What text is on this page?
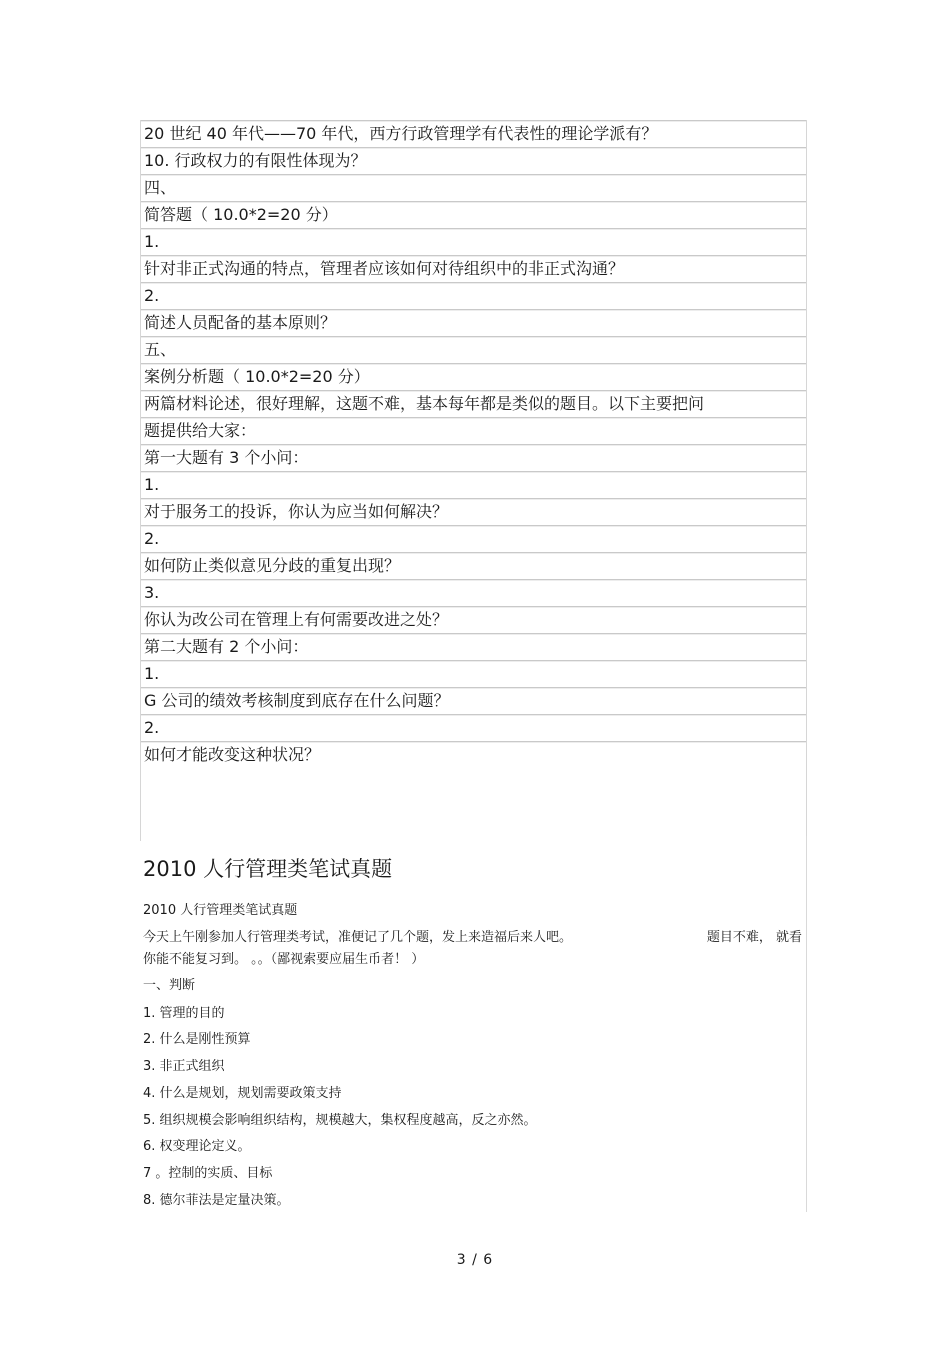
20 世纪 40 年代——70 年代，西方行政管理学有代表性的理论学派有？
10. 行政权力的有限性体现为？
四、
简答题（ 10.0*2=20 分）
1.
针对非正式沟通的特点，管理者应该如何对待组织中的非正式沟通？
2.
简述人员配备的基本原则？
五、
案例分析题（ 10.0*2=20 分）
两篇材料论述，很好理解，这题不难，基本每年都是类似的题目。以下主要把问
题提供给大家：
第一大题有 3 个小问：
1.
对于服务工的投诉，你认为应当如何解决？
2.
如何防止类似意见分歧的重复出现？
3.
你认为改公司在管理上有何需要改进之处？
第二大题有 2 个小问：
1.
G 公司的绩效考核制度到底存在什么问题？
2.
如何才能改变这种状况？
2010 人行管理类笔试真题
2010 人行管理类笔试真题
今天上午刚参加人行管理类考试，准便记了几个题，发上来造福后来人吧。	题目不难， 就看
你能不能复习到。 。。（鄙视索要应届生币者！ ）
一、判断
1. 管理的目的
2. 什么是刚性预算
3. 非正式组织
4. 什么是规划，规划需要政策支持
5. 组织规模会影响组织结构，规模越大，集权程度越高，反之亦然。
6. 权变理论定义。
7 。控制的实质、目标
8. 德尔菲法是定量决策。
3 / 6
